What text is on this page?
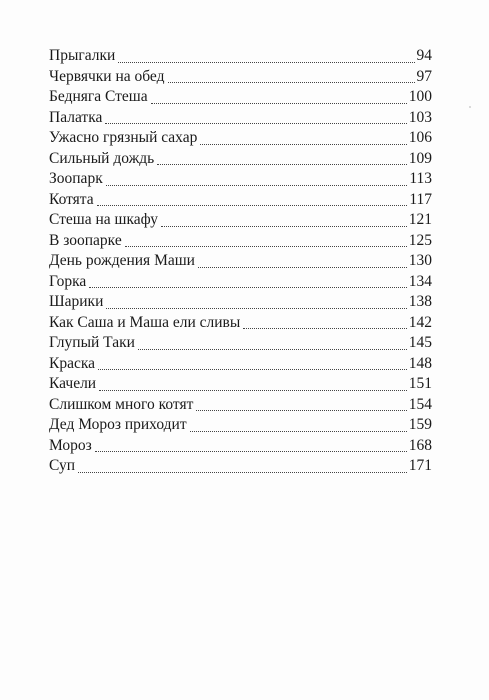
Прыгалки	94
Червячки на обед	97
Бедняга Стеша	100
Палатка	103
Ужасно грязный сахар	106
Сильный дождь	109
Зоопарк	113
Котята	117
Стеша на шкафу	121
В зоопарке	125
День рождения Маши	130
Горка	134
Шарики	138
Как Саша и Маша ели сливы	142
Глупый Таки	145
Краска	148
Качели	151
Слишком много котят	154
Дед Мороз приходит	159
Мороз	168
Суп	171
